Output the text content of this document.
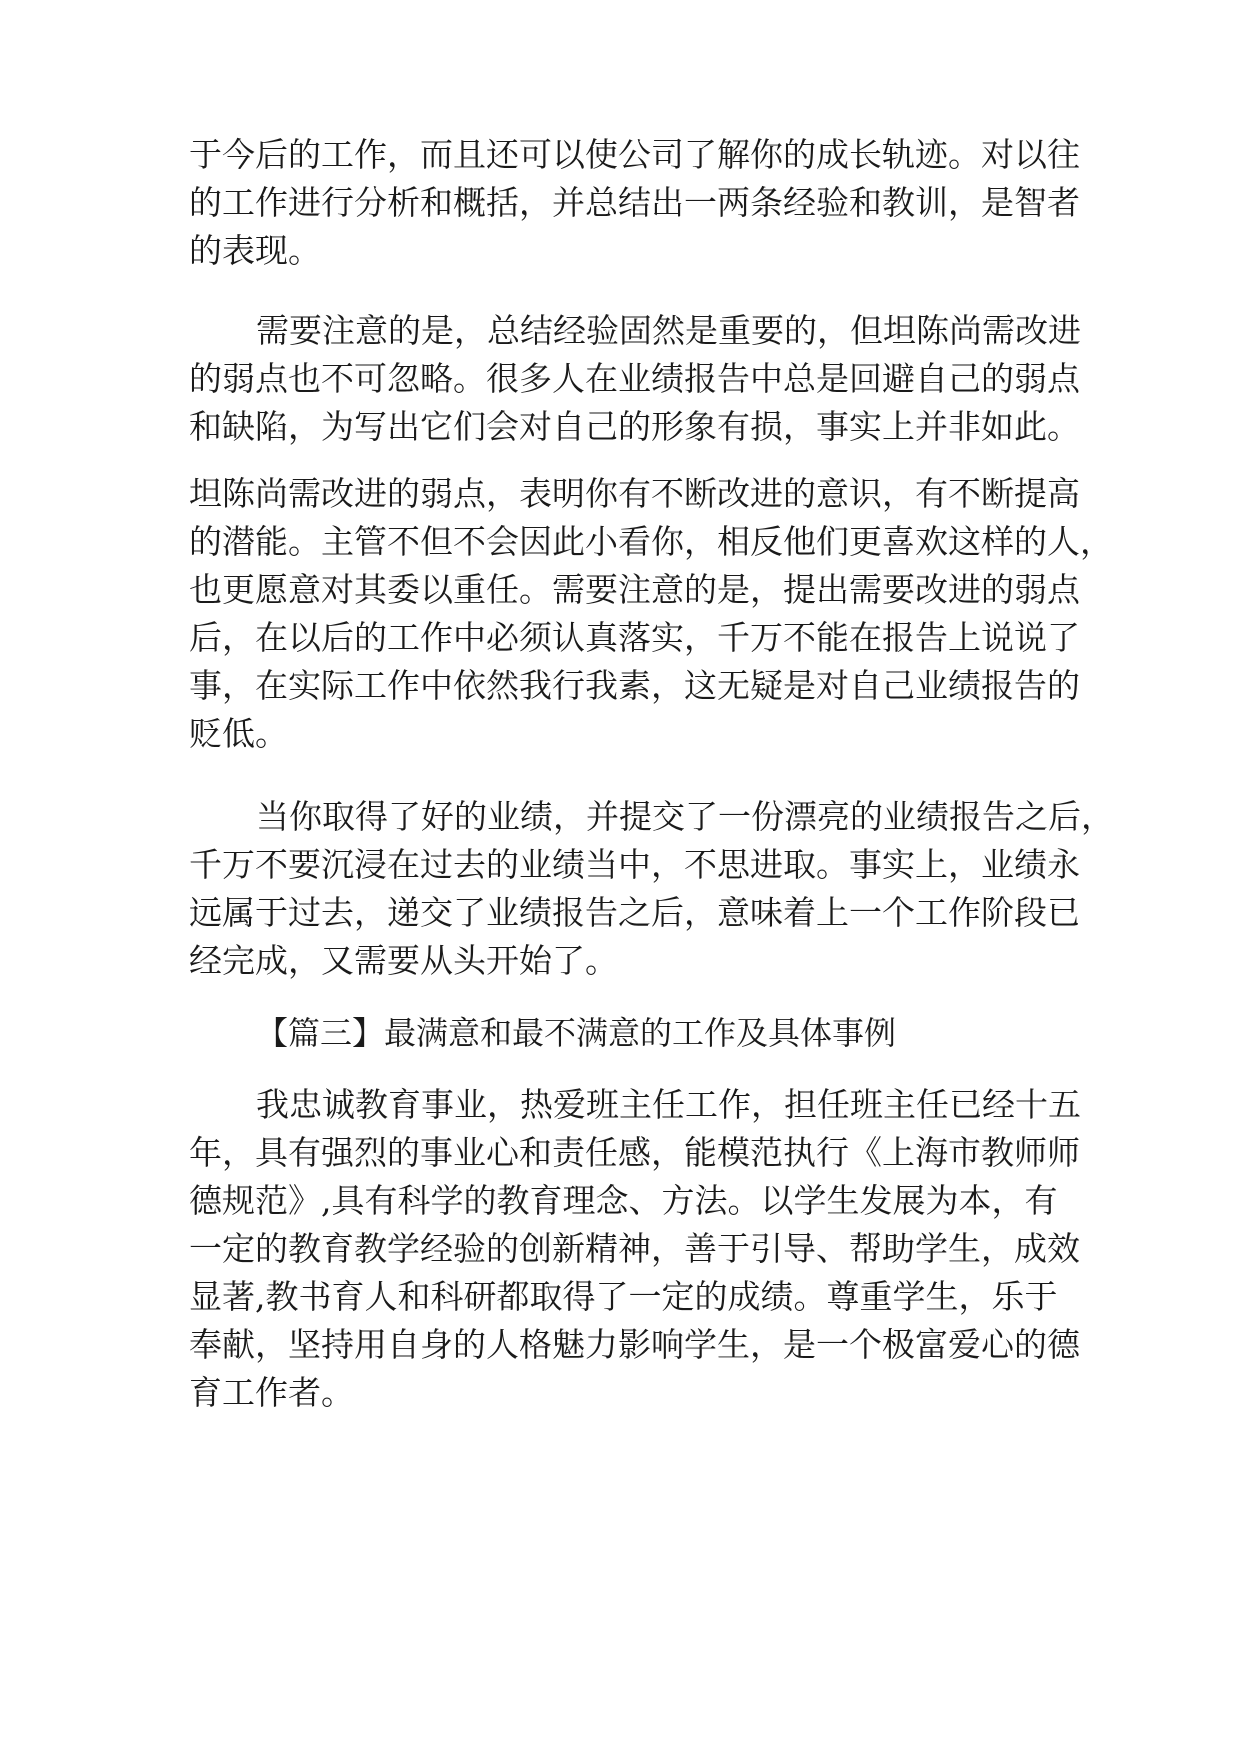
于今后的工作，而且还可以使公司了解你的成长轨迹。对以往

的工作进行分析和概括，并总结出一两条经验和教训，是智者

的表现。

需要注意的是，总结经验固然是重要的，但坦陈尚需改进

的弱点也不可忽略。很多人在业绩报告中总是回避自己的弱点

和缺陷，为写出它们会对自己的形象有损，事实上并非如此。

坦陈尚需改进的弱点，表明你有不断改进的意识，有不断提高

的潜能。主管不但不会因此小看你，相反他们更喜欢这样的人，

也更愿意对其委以重任。需要注意的是，提出需要改进的弱点

后，在以后的工作中必须认真落实，千万不能在报告上说说了

事，在实际工作中依然我行我素，这无疑是对自己业绩报告的

贬低。

当你取得了好的业绩，并提交了一份漂亮的业绩报告之后，

千万不要沉浸在过去的业绩当中，不思进取。事实上，业绩永

远属于过去，递交了业绩报告之后，意味着上一个工作阶段已

经完成，又需要从头开始了。

【篇三】最满意和最不满意的工作及具体事例

我忠诚教育事业，热爱班主任工作，担任班主任已经十五

年，具有强烈的事业心和责任感，能模范执行《上海市教师师

德规范》,具有科学的教育理念、方法。以学生发展为本，有

一定的教育教学经验的创新精神，善于引导、帮助学生，成效

显著,教书育人和科研都取得了一定的成绩。尊重学生，乐于

奉献，坚持用自身的人格魅力影响学生，是一个极富爱心的德

育工作者。
